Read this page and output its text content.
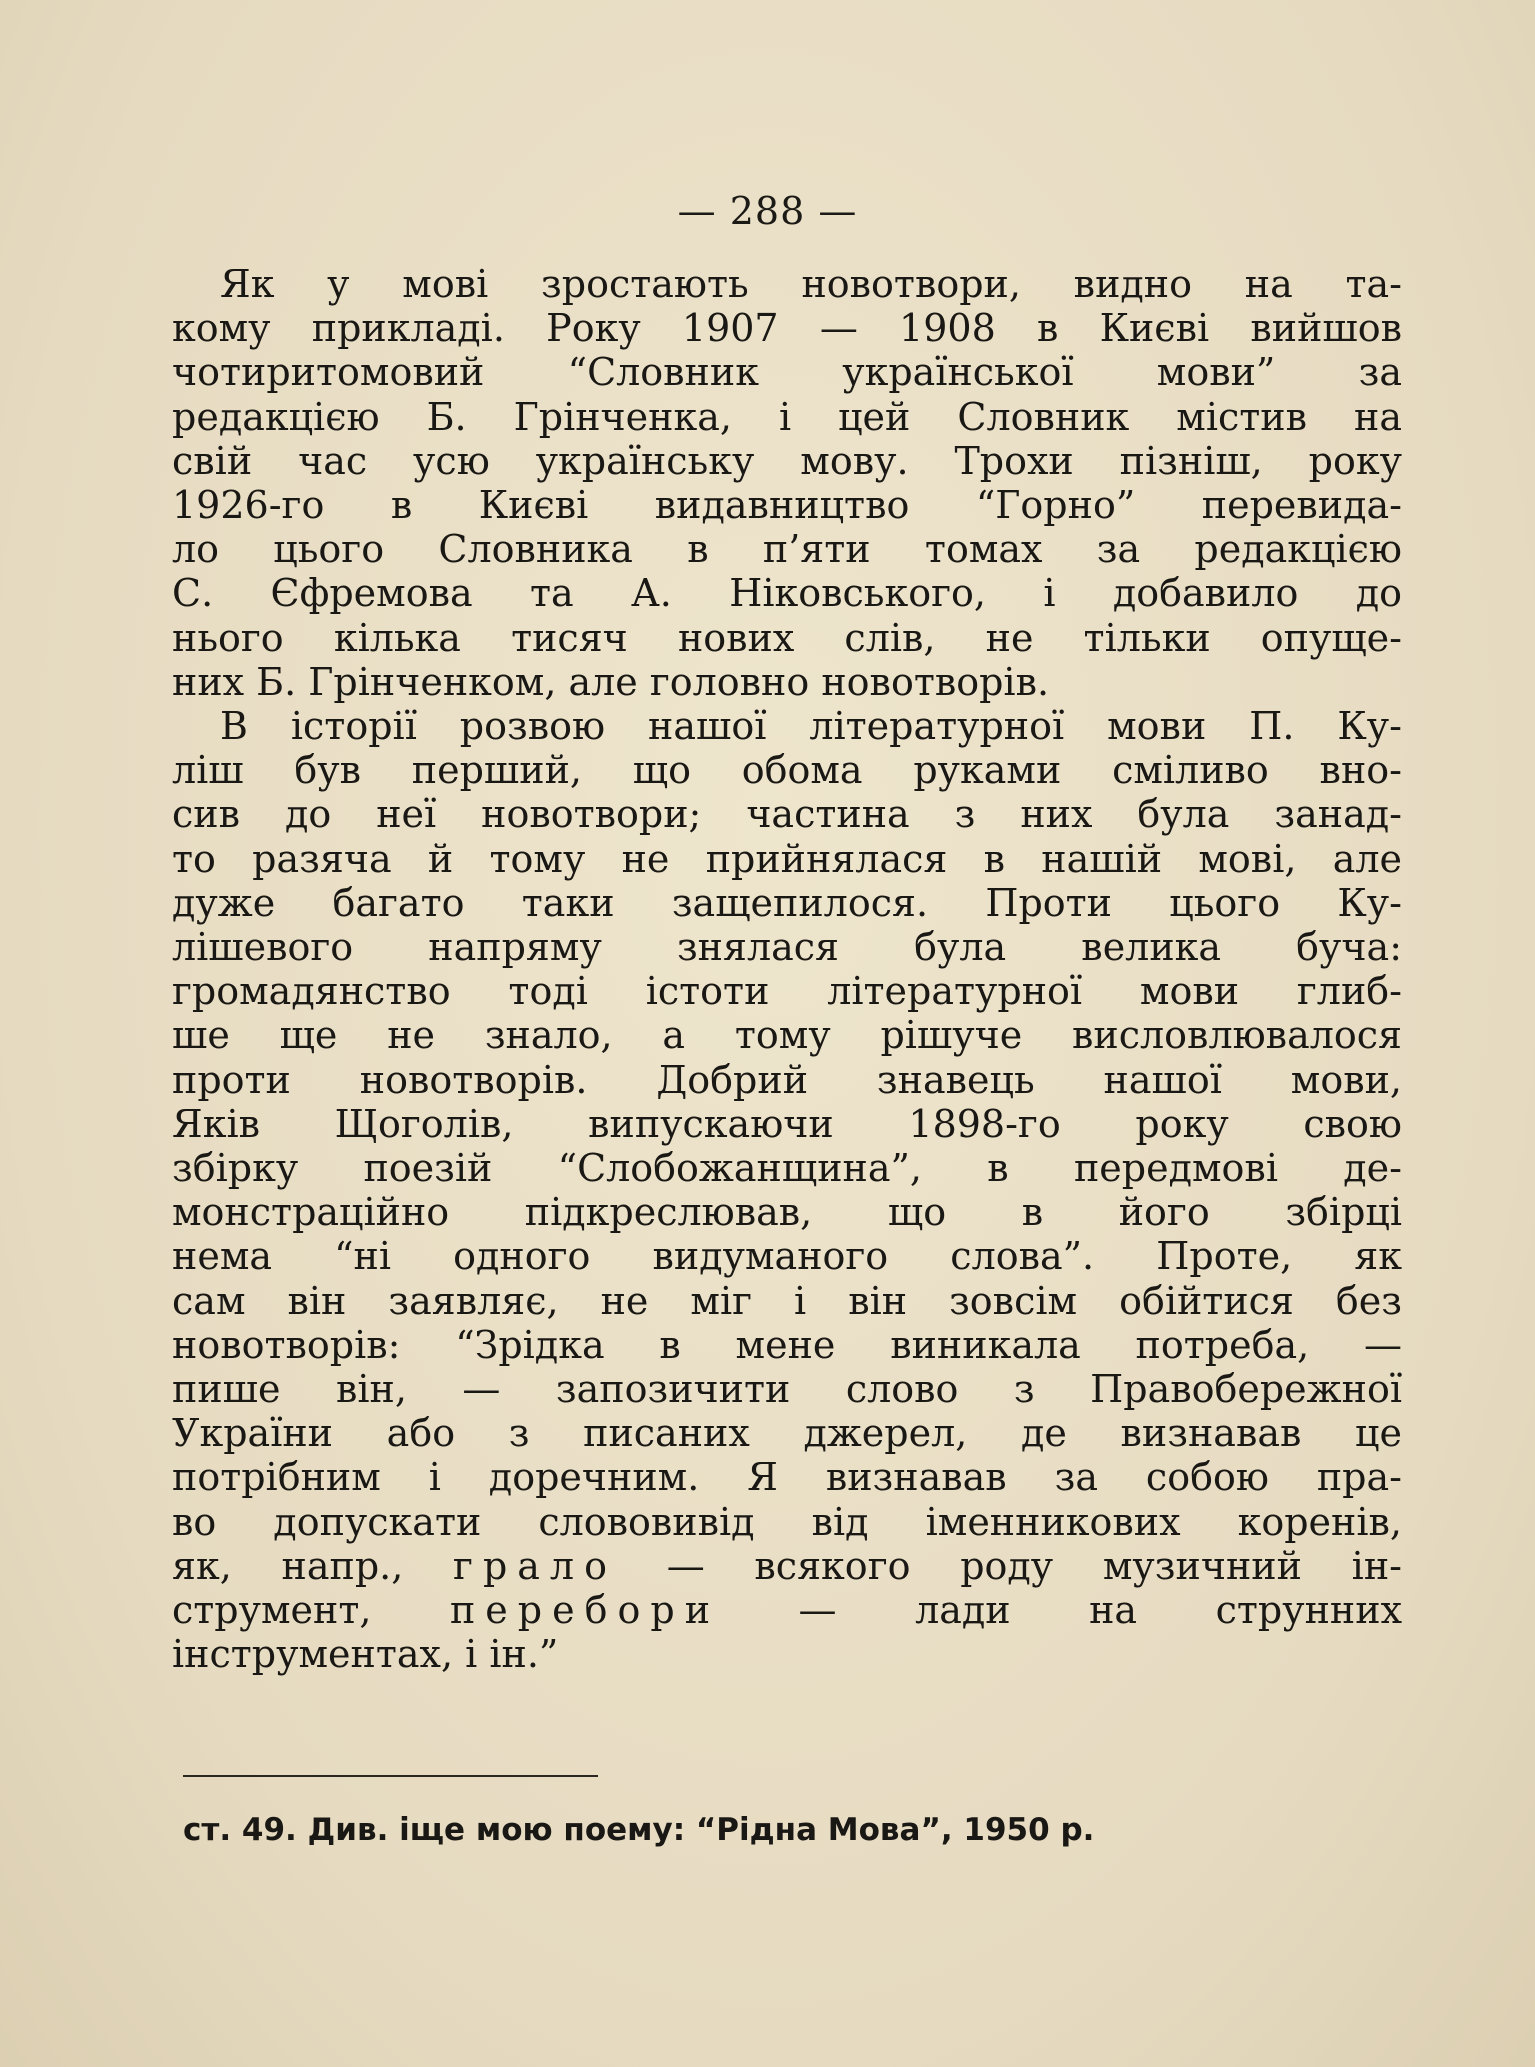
— 288 —
Як у мові зростають новотвори, видно на та-
кому прикладі. Року 1907 — 1908 в Києві вийшов
чотиритомовий “Словник української мови” за
редакцією Б. Грінченка, і цей Словник містив на
свій час усю українську мову. Трохи пізніш, року
1926-го в Києві видавництво “Горно” перевида-
ло цього Словника в п’яти томах за редакцією
С. Єфремова та А. Ніковського, і добавило до
нього кілька тисяч нових слів, не тільки опуще-
них Б. Грінченком, але головно новотворів.
В історії розвою нашої літературної мови П. Ку-
ліш був перший, що обома руками сміливо вно-
сив до неї новотвори; частина з них була занад-
то разяча й тому не прийнялася в нашій мові, але
дуже багато таки защепилося. Проти цього Ку-
лішевого напряму знялася була велика буча:
громадянство тоді істоти літературної мови глиб-
ше ще не знало, а тому рішуче висловлювалося
проти новотворів. Добрий знавець нашої мови,
Яків Щоголів, випускаючи 1898-го року свою
збірку поезій “Слобожанщина”, в передмові де-
монстраційно підкреслював, що в його збірці
нема “ні одного видуманого слова”. Проте, як
сам він заявляє, не міг і він зовсім обійтися без
новотворів: “Зрідка в мене виникала потреба, —
пише він, — запозичити слово з Правобережної
України або з писаних джерел, де визнавав це
потрібним і доречним. Я визнавав за собою пра-
во допускати слововивід від іменникових коренів,
як, напр., грало — всякого роду музичний ін-
струмент, перебори — лади на струнних
інструментах, і ін.”
ст. 49. Див. іще мою поему: “Рідна Мова”, 1950 р.
